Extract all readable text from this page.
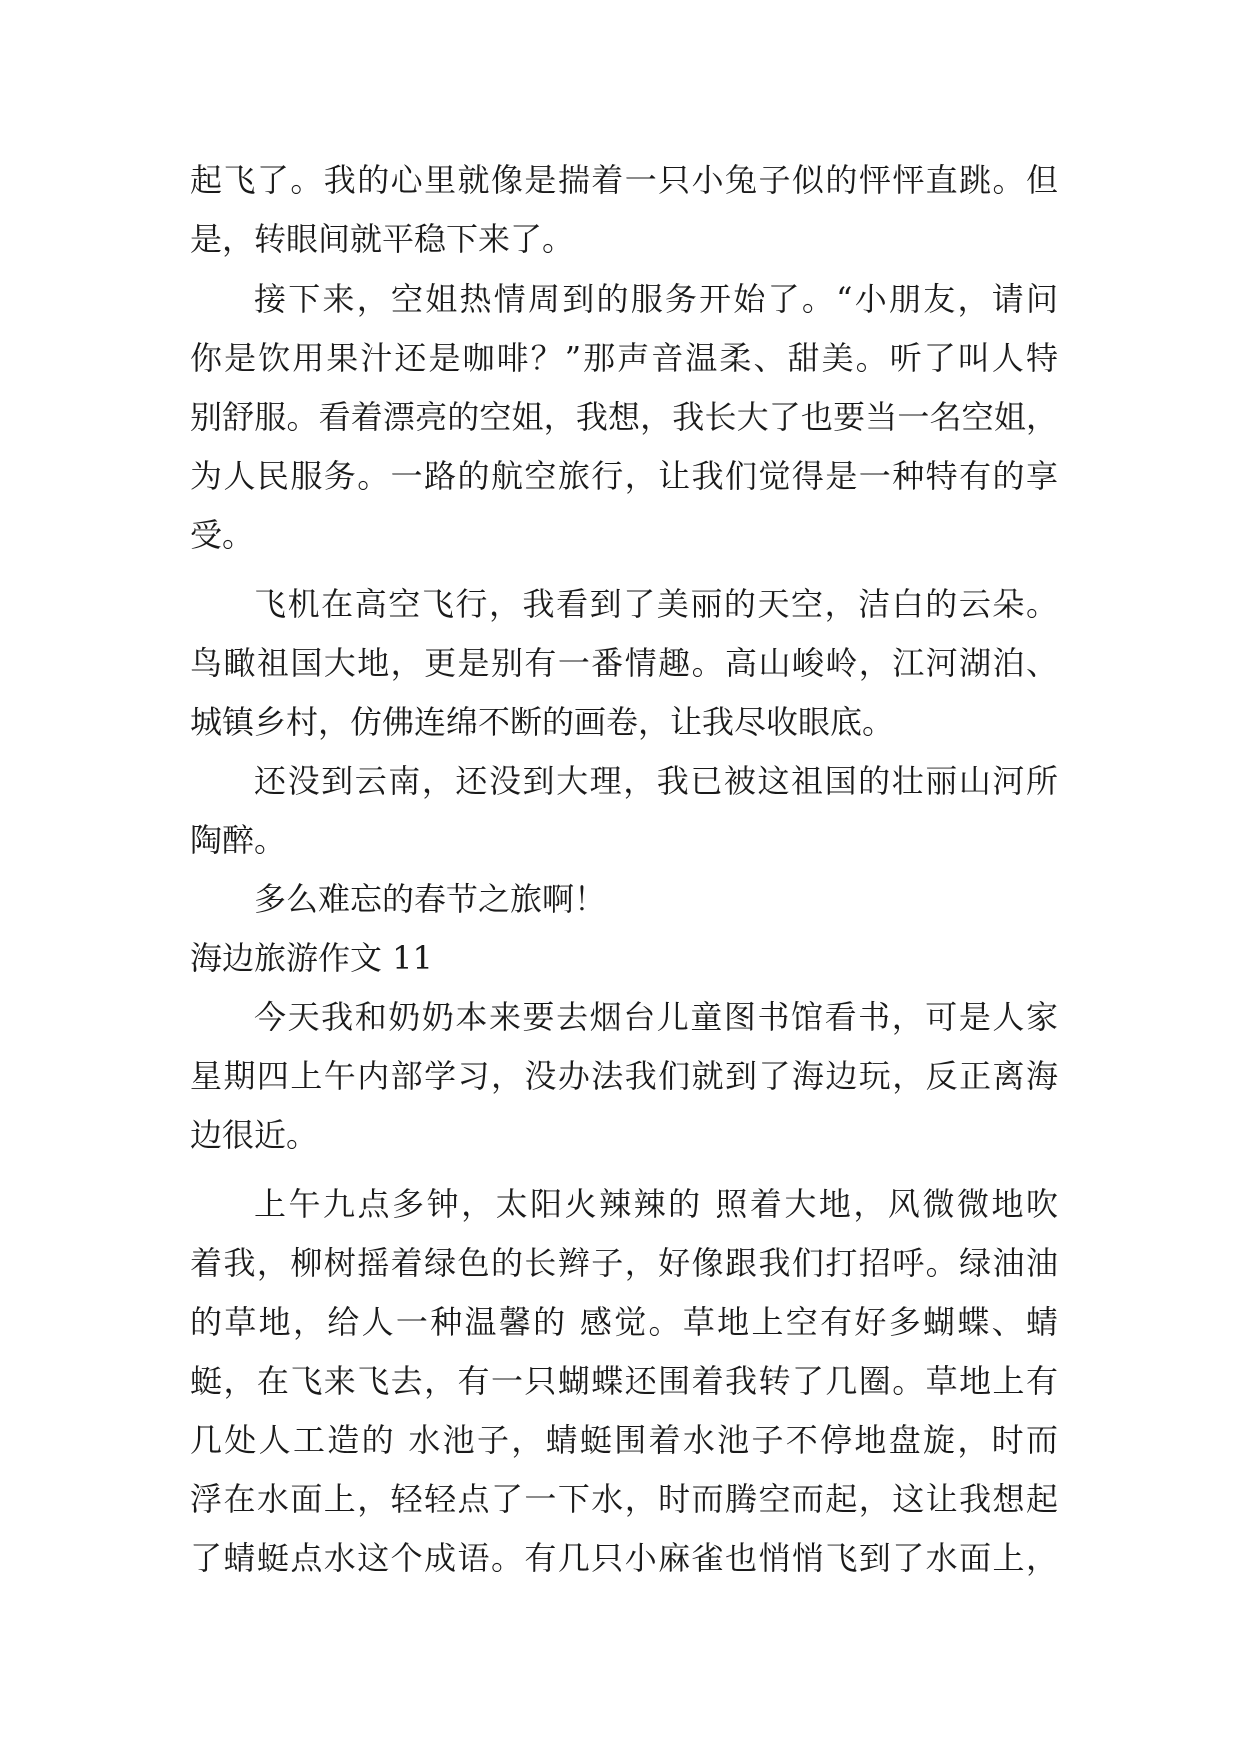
起飞了。我的心里就像是揣着一只小兔子似的怦怦直跳。但

是，转眼间就平稳下来了。

接下来，空姐热情周到的服务开始了。“小朋友，请问

你是饮用果汁还是咖啡？”那声音温柔、甜美。听了叫人特

别舒服。看着漂亮的空姐，我想，我长大了也要当一名空姐，

为人民服务。一路的航空旅行，让我们觉得是一种特有的享

受。

飞机在高空飞行，我看到了美丽的天空，洁白的云朵。

鸟瞰祖国大地，更是别有一番情趣。高山峻岭，江河湖泊、

城镇乡村，仿佛连绵不断的画卷，让我尽收眼底。

还没到云南，还没到大理，我已被这祖国的壮丽山河所

陶醉。

多么难忘的春节之旅啊！

海边旅游作文 11

今天我和奶奶本来要去烟台儿童图书馆看书，可是人家

星期四上午内部学习，没办法我们就到了海边玩，反正离海

边很近。

上午九点多钟，太阳火辣辣的 照着大地，风微微地吹

着我，柳树摇着绿色的长辫子，好像跟我们打招呼。绿油油

的草地，给人一种温馨的 感觉。草地上空有好多蝴蝶、蜻

蜓，在飞来飞去，有一只蝴蝶还围着我转了几圈。草地上有

几处人工造的 水池子，蜻蜓围着水池子不停地盘旋，时而

浮在水面上，轻轻点了一下水，时而腾空而起，这让我想起

了蜻蜓点水这个成语。有几只小麻雀也悄悄飞到了水面上，
